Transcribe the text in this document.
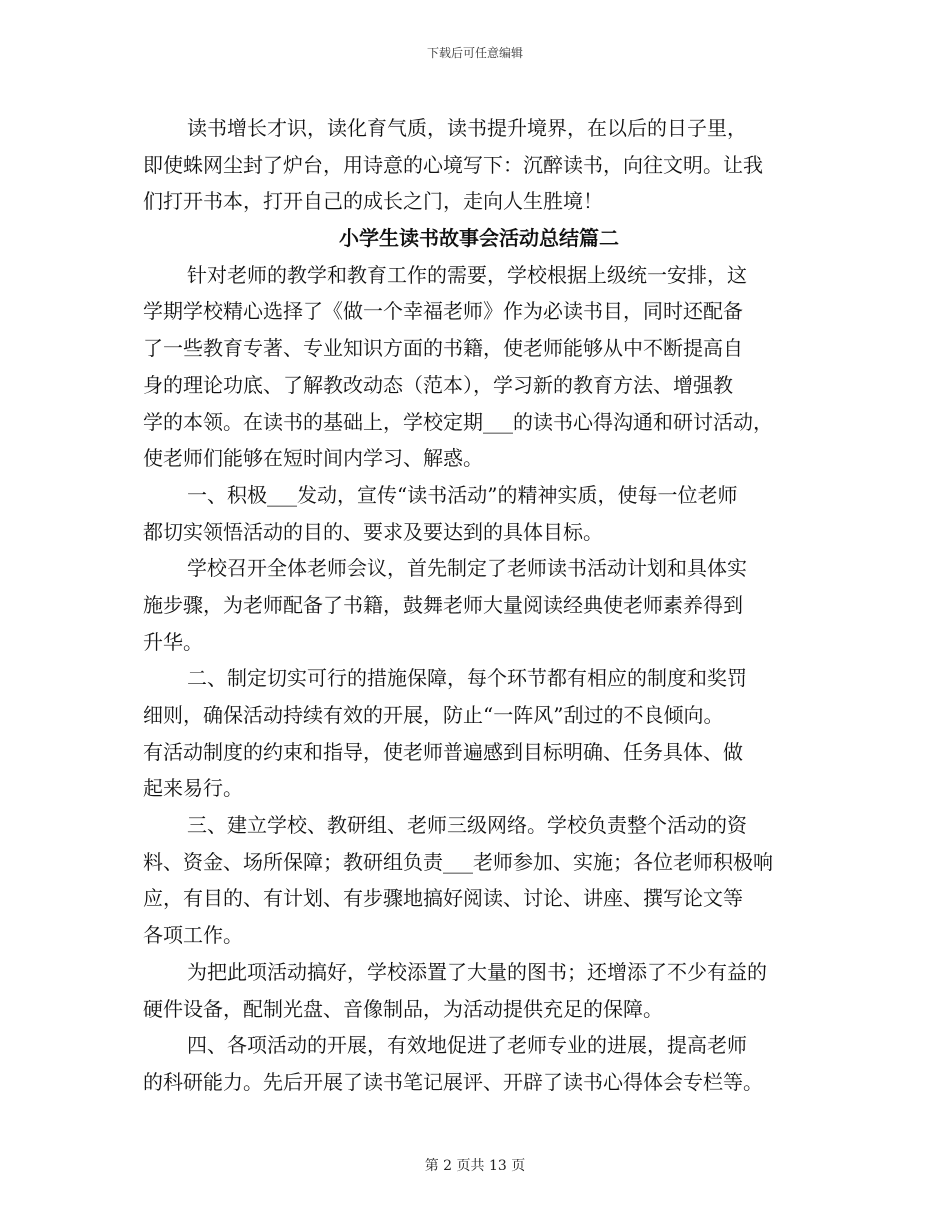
下载后可任意编辑
读书增长才识，读化育气质，读书提升境界，在以后的日子里，
即使蛛网尘封了炉台，用诗意的心境写下：沉醉读书，向往文明。让我
们打开书本，打开自己的成长之门，走向人生胜境！
小学生读书故事会活动总结篇二
针对老师的教学和教育工作的需要，学校根据上级统一安排，这
学期学校精心选择了《做一个幸福老师》作为必读书目，同时还配备
了一些教育专著、专业知识方面的书籍，使老师能够从中不断提高自
身的理论功底、了解教改动态（范本），学习新的教育方法、增强教
学的本领。在读书的基础上，学校定期___的读书心得沟通和研讨活动，
使老师们能够在短时间内学习、解惑。
一、积极___发动，宣传“读书活动”的精神实质，使每一位老师
都切实领悟活动的目的、要求及要达到的具体目标。
学校召开全体老师会议，首先制定了老师读书活动计划和具体实
施步骤，为老师配备了书籍，鼓舞老师大量阅读经典使老师素养得到
升华。
二、制定切实可行的措施保障，每个环节都有相应的制度和奖罚
细则，确保活动持续有效的开展，防止“一阵风”刮过的不良倾向。
有活动制度的约束和指导，使老师普遍感到目标明确、任务具体、做
起来易行。
三、建立学校、教研组、老师三级网络。学校负责整个活动的资
料、资金、场所保障；教研组负责___老师参加、实施；各位老师积极响
应，有目的、有计划、有步骤地搞好阅读、讨论、讲座、撰写论文等
各项工作。
为把此项活动搞好，学校添置了大量的图书；还增添了不少有益的
硬件设备，配制光盘、音像制品，为活动提供充足的保障。
四、各项活动的开展，有效地促进了老师专业的进展，提高老师
的科研能力。先后开展了读书笔记展评、开辟了读书心得体会专栏等。
第 2 页共 13 页
